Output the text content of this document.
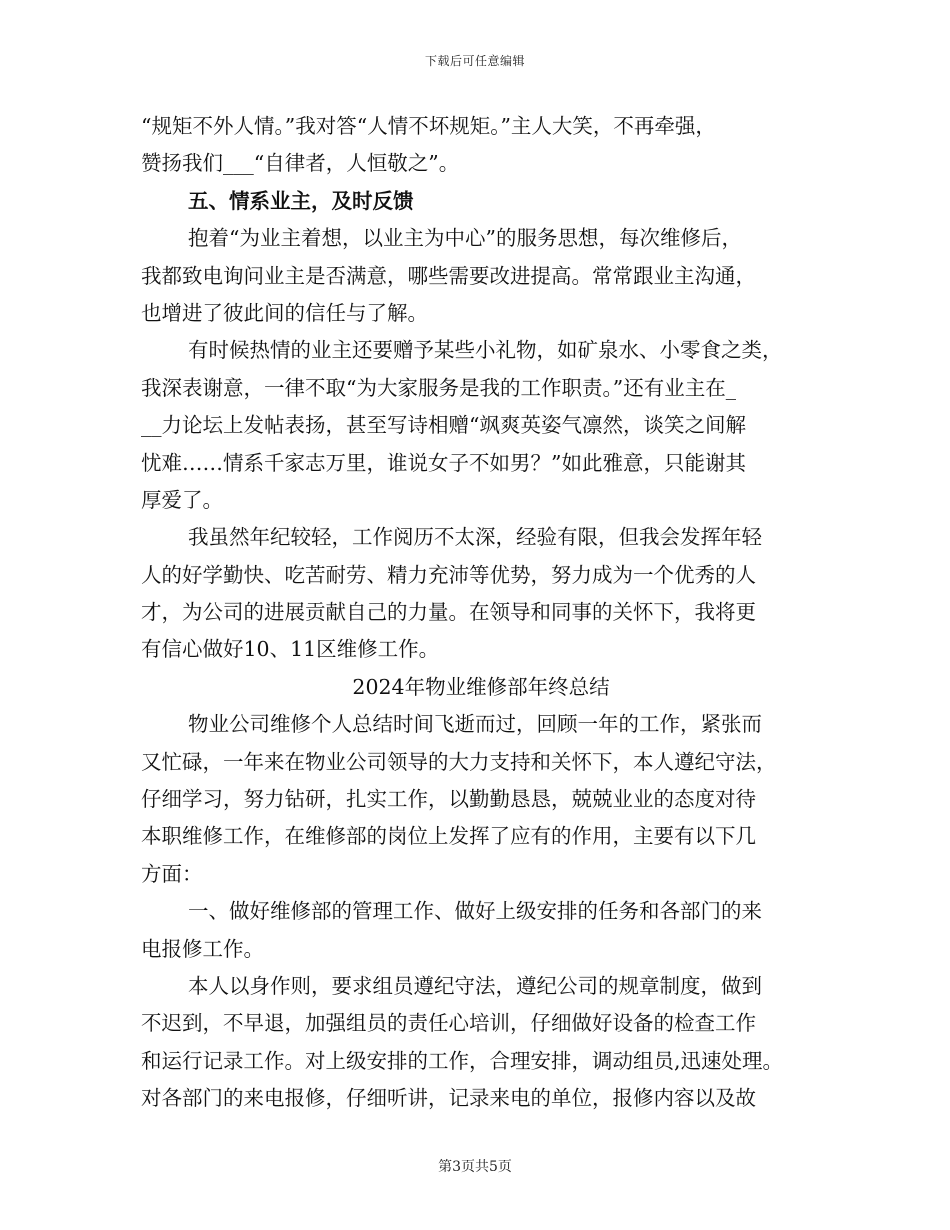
下载后可任意编辑
“规矩不外人情。”我对答“人情不坏规矩。”主人大笑，不再牵强，
赞扬我们___“自律者，人恒敬之”。
五、情系业主，及时反馈
抱着“为业主着想，以业主为中心”的服务思想，每次维修后，
我都致电询问业主是否满意，哪些需要改进提高。常常跟业主沟通，
也增进了彼此间的信任与了解。
有时候热情的业主还要赠予某些小礼物，如矿泉水、小零食之类，
我深表谢意，一律不取“为大家服务是我的工作职责。”还有业主在_
__力论坛上发帖表扬，甚至写诗相赠“飒爽英姿气凛然，谈笑之间解
忧难……情系千家志万里，谁说女子不如男？”如此雅意，只能谢其
厚爱了。
我虽然年纪较轻，工作阅历不太深，经验有限，但我会发挥年轻
人的好学勤快、吃苦耐劳、精力充沛等优势，努力成为一个优秀的人
才，为公司的进展贡献自己的力量。在领导和同事的关怀下，我将更
有信心做好10、11区维修工作。
2024年物业维修部年终总结
物业公司维修个人总结时间飞逝而过，回顾一年的工作，紧张而
又忙碌，一年来在物业公司领导的大力支持和关怀下，本人遵纪守法，
仔细学习，努力钻研，扎实工作，以勤勤恳恳，兢兢业业的态度对待
本职维修工作，在维修部的岗位上发挥了应有的作用，主要有以下几
方面：
一、做好维修部的管理工作、做好上级安排的任务和各部门的来
电报修工作。
本人以身作则，要求组员遵纪守法，遵纪公司的规章制度，做到
不迟到，不早退，加强组员的责任心培训，仔细做好设备的检查工作
和运行记录工作。对上级安排的工作，合理安排，调动组员,迅速处理。
对各部门的来电报修，仔细听讲，记录来电的单位，报修内容以及故
第3页共5页
